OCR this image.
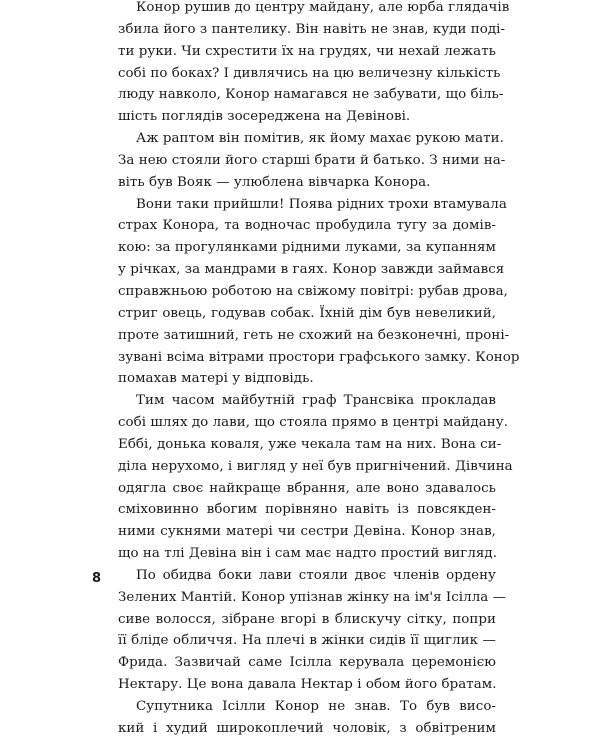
Конор рушив до центру майдану, але юрба глядачів
збила його з пантелику. Він навіть не знав, куди поді-
ти руки. Чи схрестити їх на грудях, чи нехай лежать
собі по боках? І дивлячись на цю величезну кількість
люду навколо, Конор намагався не забувати, що біль-
шість поглядів зосереджена на Девінові.
Аж раптом він помітив, як йому махає рукою мати.
За нею стояли його старші брати й батько. З ними на-
віть був Вояк — улюблена вівчарка Конора.
Вони таки прийшли! Поява рідних трохи втамувала
страх Конора, та водночас пробудила тугу за домів-
кою: за прогулянками рідними луками, за купанням
у річках, за мандрами в гаях. Конор завжди займався
справжньою роботою на свіжому повітрі: рубав дрова,
стриг овець, годував собак. Їхній дім був невеликий,
проте затишний, геть не схожий на безконечні, проні-
зувані всіма вітрами простори графського замку. Конор
помахав матері у відповідь.
Тим часом майбутній граф Трансвіка прокладав
собі шлях до лави, що стояла прямо в центрі майдану.
Еббі, донька коваля, уже чекала там на них. Вона си-
діла нерухомо, і вигляд у неї був пригнічений. Дівчина
одягла своє найкраще вбрання, але воно здавалось
сміховинно вбогим порівняно навіть із повсякден-
ними сукнями матері чи сестри Девіна. Конор знав,
що на тлі Девіна він і сам має надто простий вигляд.
По обидва боки лави стояли двоє членів ордену
Зелених Мантій. Конор упізнав жінку на ім'я Ісілла —
сиве волосся, зібране вгорі в блискучу сітку, попри
її бліде обличчя. На плечі в жінки сидів її щиглик —
Фрида. Зазвичай саме Ісілла керувала церемонією
Нектару. Це вона давала Нектар і обом його братам.
Супутника Ісілли Конор не знав. То був висо-
кий і худий широкоплечий чоловік, з обвітреним
8
